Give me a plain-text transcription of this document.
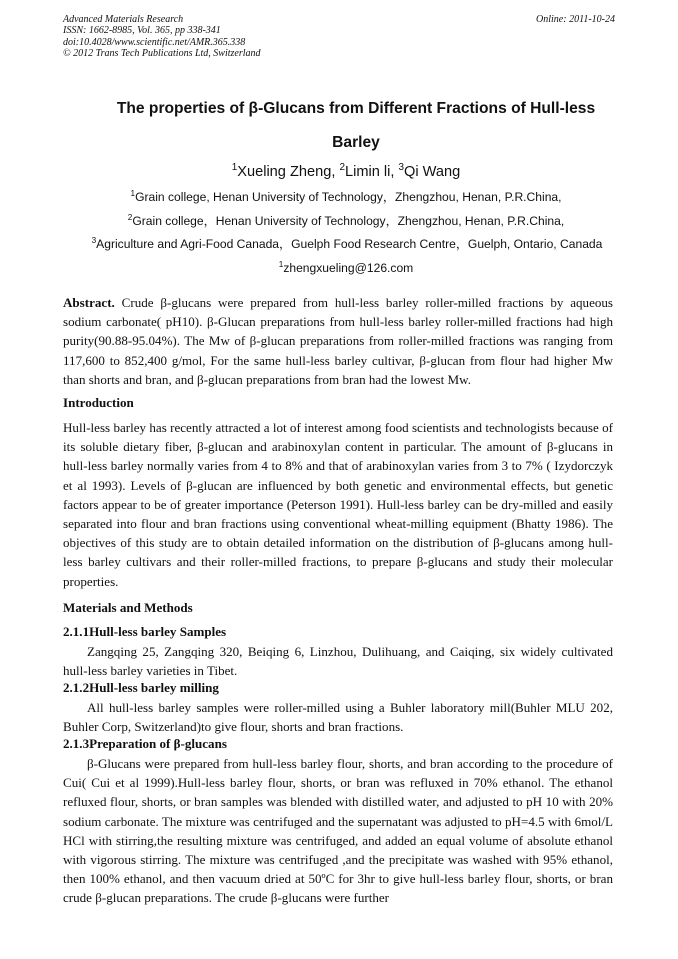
Advanced Materials Research
ISSN: 1662-8985, Vol. 365, pp 338-341
doi:10.4028/www.scientific.net/AMR.365.338
© 2012 Trans Tech Publications Ltd, Switzerland
Online: 2011-10-24
The properties of β-Glucans from Different Fractions of Hull-less
Barley
$^1$Xueling Zheng, $^2$Limin li, $^3$Qi Wang
$^1$Grain college, Henan University of Technology，Zhengzhou, Henan, P.R.China,
$^2$Grain college，Henan University of Technology，Zhengzhou, Henan, P.R.China,
$^3$Agriculture and Agri-Food Canada，Guelph Food Research Centre，Guelph, Ontario, Canada
$^1$zhengxueling@126.com

Abstract. Crude β-glucans were prepared from hull-less barley roller-milled fractions by aqueous sodium carbonate( pH10). β-Glucan preparations from hull-less barley roller-milled fractions had high purity(90.88-95.04%). The Mw of β-glucan preparations from roller-milled fractions was ranging from 117,600 to 852,400 g/mol, For the same hull-less barley cultivar, β-glucan from flour had higher Mw than shorts and bran, and β-glucan preparations from bran had the lowest Mw.

Introduction

Hull-less barley has recently attracted a lot of interest among food scientists and technologists because of its soluble dietary fiber, β-glucan and arabinoxylan content in particular. The amount of β-glucans in hull-less barley normally varies from 4 to 8% and that of arabinoxylan varies from 3 to 7% ( Izydorczyk et al 1993). Levels of β-glucan are influenced by both genetic and environmental effects, but genetic factors appear to be of greater importance (Peterson 1991). Hull-less barley can be dry-milled and easily separated into flour and bran fractions using conventional wheat-milling equipment (Bhatty 1986). The objectives of this study are to obtain detailed information on the distribution of β-glucans among hull-less barley cultivars and their roller-milled fractions, to prepare β-glucans and study their molecular properties.

Materials and Methods
2.1.1Hull-less barley Samples

Zangqing 25, Zangqing 320, Beiqing 6, Linzhou, Dulihuang, and Caiqing, six widely cultivated hull-less barley varieties in Tibet.

2.1.2Hull-less barley milling

All hull-less barley samples were roller-milled using a Buhler laboratory mill(Buhler MLU 202, Buhler Corp, Switzerland)to give flour, shorts and bran fractions.

2.1.3Preparation of β-glucans

β-Glucans were prepared from hull-less barley flour, shorts, and bran according to the procedure of Cui( Cui et al 1999).Hull-less barley flour, shorts, or bran was refluxed in 70% ethanol. The ethanol refluxed flour, shorts, or bran samples was blended with distilled water, and adjusted to pH 10 with 20% sodium carbonate. The mixture was centrifuged and the supernatant was adjusted to pH=4.5 with 6mol/L HCl with stirring,the resulting mixture was centrifuged, and added an equal volume of absolute ethanol with vigorous stirring. The mixture was centrifuged ,and the precipitate was washed with 95% ethanol, then 100% ethanol, and then vacuum dried at 50ºC for 3hr to give hull-less barley flour, shorts, or bran crude β-glucan preparations. The crude β-glucans were further
